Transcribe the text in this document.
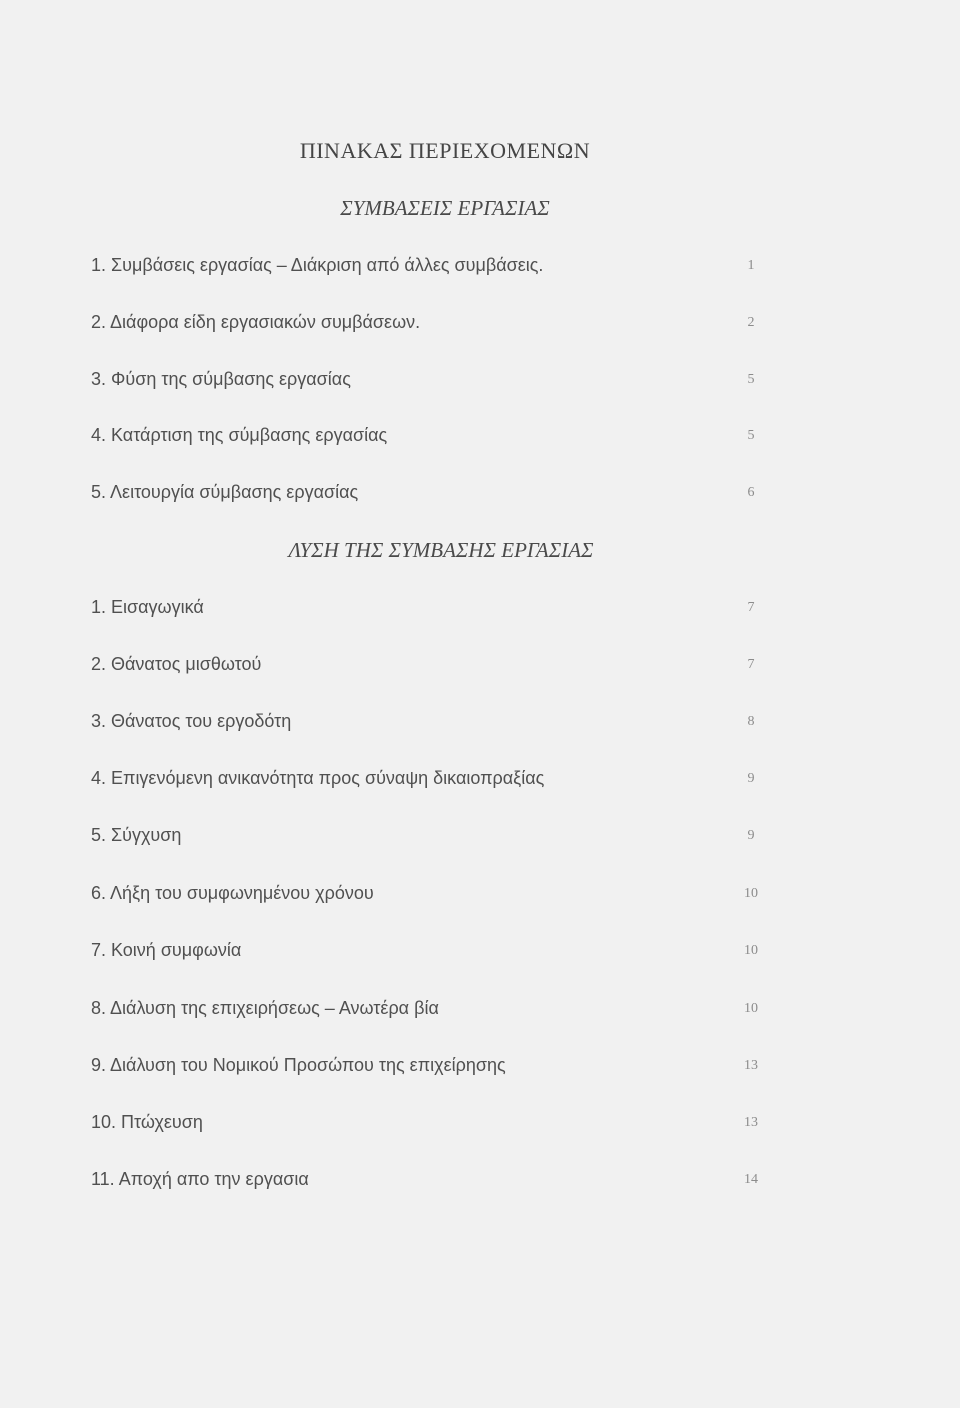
ΠΙΝΑΚΑΣ ΠΕΡΙΕΧΟΜΕΝΩΝ
ΣΥΜΒΑΣΕΙΣ ΕΡΓΑΣΙΑΣ
1. Συμβάσεις εργασίας – Διάκριση από άλλες συμβάσεις.	1
2. Διάφορα είδη εργασιακών συμβάσεων.	2
3. Φύση της σύμβασης εργασίας	5
4. Κατάρτιση της σύμβασης εργασίας	5
5. Λειτουργία σύμβασης εργασίας	6
ΛΥΣΗ ΤΗΣ ΣΥΜΒΑΣΗΣ ΕΡΓΑΣΙΑΣ
1. Εισαγωγικά	7
2. Θάνατος μισθωτού	7
3. Θάνατος του εργοδότη	8
4. Επιγενόμενη ανικανότητα προς σύναψη δικαιοπραξίας	9
5. Σύγχυση	9
6. Λήξη του συμφωνημένου χρόνου	10
7. Κοινή συμφωνία	10
8. Διάλυση της επιχειρήσεως – Ανωτέρα βία	10
9. Διάλυση του Νομικού Προσώπου της επιχείρησης	13
10. Πτώχευση	13
11. Αποχή απο την εργασια	14
